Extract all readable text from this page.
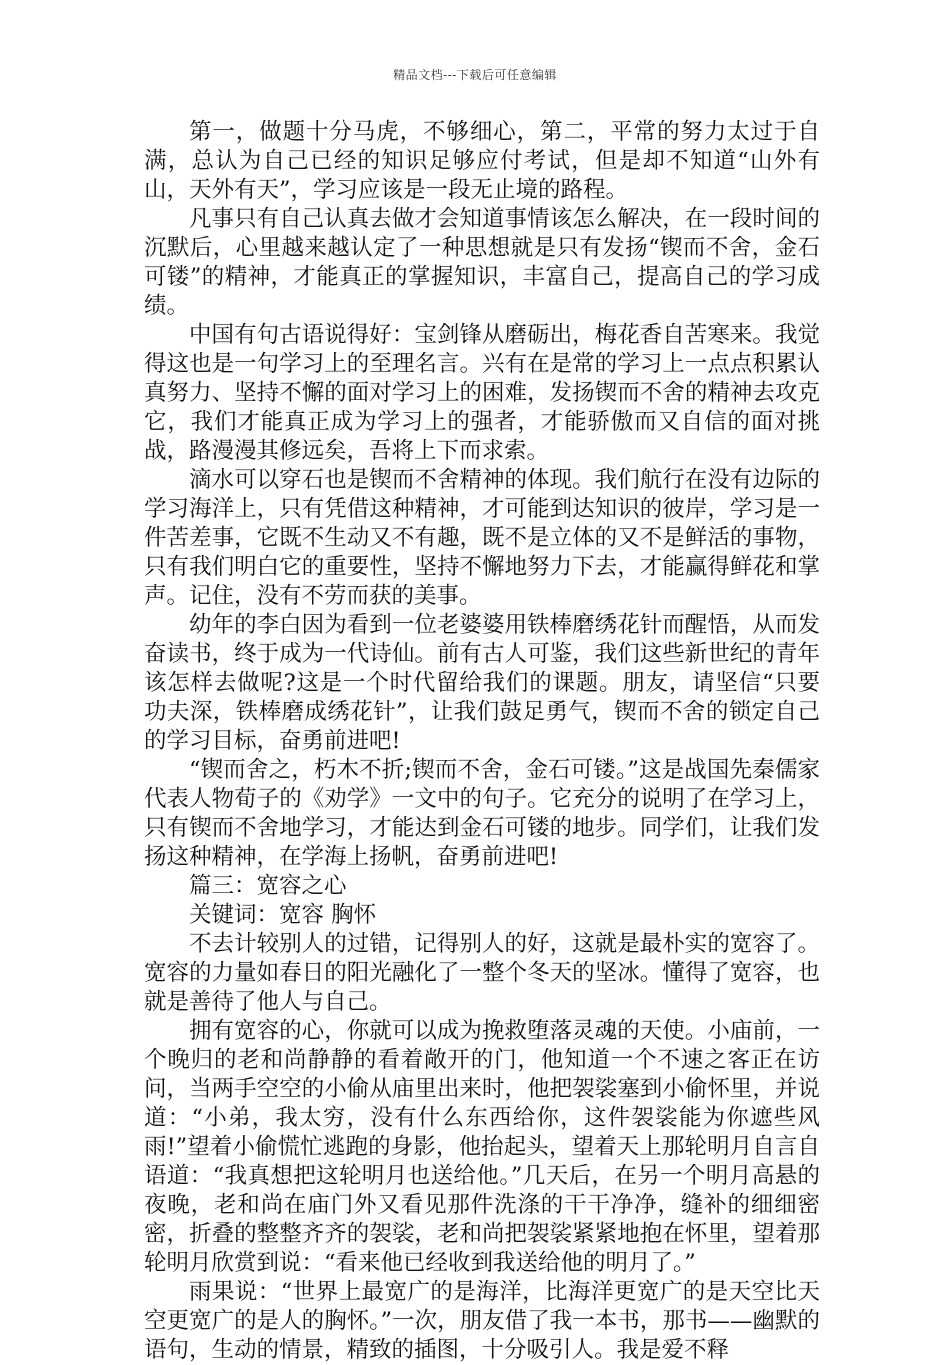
精品文档---下载后可任意编辑

第一，做题十分马虎，不够细心，第二，平常的努力太过于自满，总认为自己已经的知识足够应付考试，但是却不知道“山外有山，天外有天”，学习应该是一段无止境的路程。

凡事只有自己认真去做才会知道事情该怎么解决，在一段时间的沉默后，心里越来越认定了一种思想就是只有发扬“锲而不舍，金石可镂”的精神，才能真正的掌握知识，丰富自己，提高自己的学习成绩。

中国有句古语说得好：宝剑锋从磨砺出，梅花香自苦寒来。我觉得这也是一句学习上的至理名言。兴有在是常的学习上一点点积累认真努力、坚持不懈的面对学习上的困难，发扬锲而不舍的精神去攻克它，我们才能真正成为学习上的强者，才能骄傲而又自信的面对挑战，路漫漫其修远矣，吾将上下而求索。

滴水可以穿石也是锲而不舍精神的体现。我们航行在没有边际的学习海洋上，只有凭借这种精神，才可能到达知识的彼岸，学习是一件苦差事，它既不生动又不有趣，既不是立体的又不是鲜活的事物，只有我们明白它的重要性，坚持不懈地努力下去，才能赢得鲜花和掌声。记住，没有不劳而获的美事。

幼年的李白因为看到一位老婆婆用铁棒磨绣花针而醒悟，从而发奋读书，终于成为一代诗仙。前有古人可鉴，我们这些新世纪的青年该怎样去做呢?这是一个时代留给我们的课题。朋友，请坚信“只要功夫深，铁棒磨成绣花针”，让我们鼓足勇气，锲而不舍的锁定自己的学习目标，奋勇前进吧!

“锲而舍之，朽木不折;锲而不舍，金石可镂。”这是战国先秦儒家代表人物荀子的《劝学》一文中的句子。它充分的说明了在学习上，只有锲而不舍地学习，才能达到金石可镂的地步。同学们，让我们发扬这种精神，在学海上扬帆，奋勇前进吧!

篇三：宽容之心

关键词：宽容 胸怀

不去计较别人的过错，记得别人的好，这就是最朴实的宽容了。宽容的力量如春日的阳光融化了一整个冬天的坚冰。懂得了宽容，也就是善待了他人与自己。

拥有宽容的心，你就可以成为挽救堕落灵魂的天使。小庙前，一个晚归的老和尚静静的看着敞开的门，他知道一个不速之客正在访问，当两手空空的小偷从庙里出来时，他把袈裟塞到小偷怀里，并说道：“小弟，我太穷，没有什么东西给你，这件袈裟能为你遮些风雨!”望着小偷慌忙逃跑的身影，他抬起头，望着天上那轮明月自言自语道：“我真想把这轮明月也送给他。”几天后，在另一个明月高悬的夜晚，老和尚在庙门外又看见那件洗涤的干干净净，缝补的细细密密，折叠的整整齐齐的袈裟，老和尚把袈裟紧紧地抱在怀里，望着那轮明月欣赏到说：“看来他已经收到我送给他的明月了。”

雨果说：“世界上最宽广的是海洋，比海洋更宽广的是天空比天空更宽广的是人的胸怀。”一次，朋友借了我一本书，那书——幽默的语句，生动的情景，精致的插图，十分吸引人。我是爱不释
